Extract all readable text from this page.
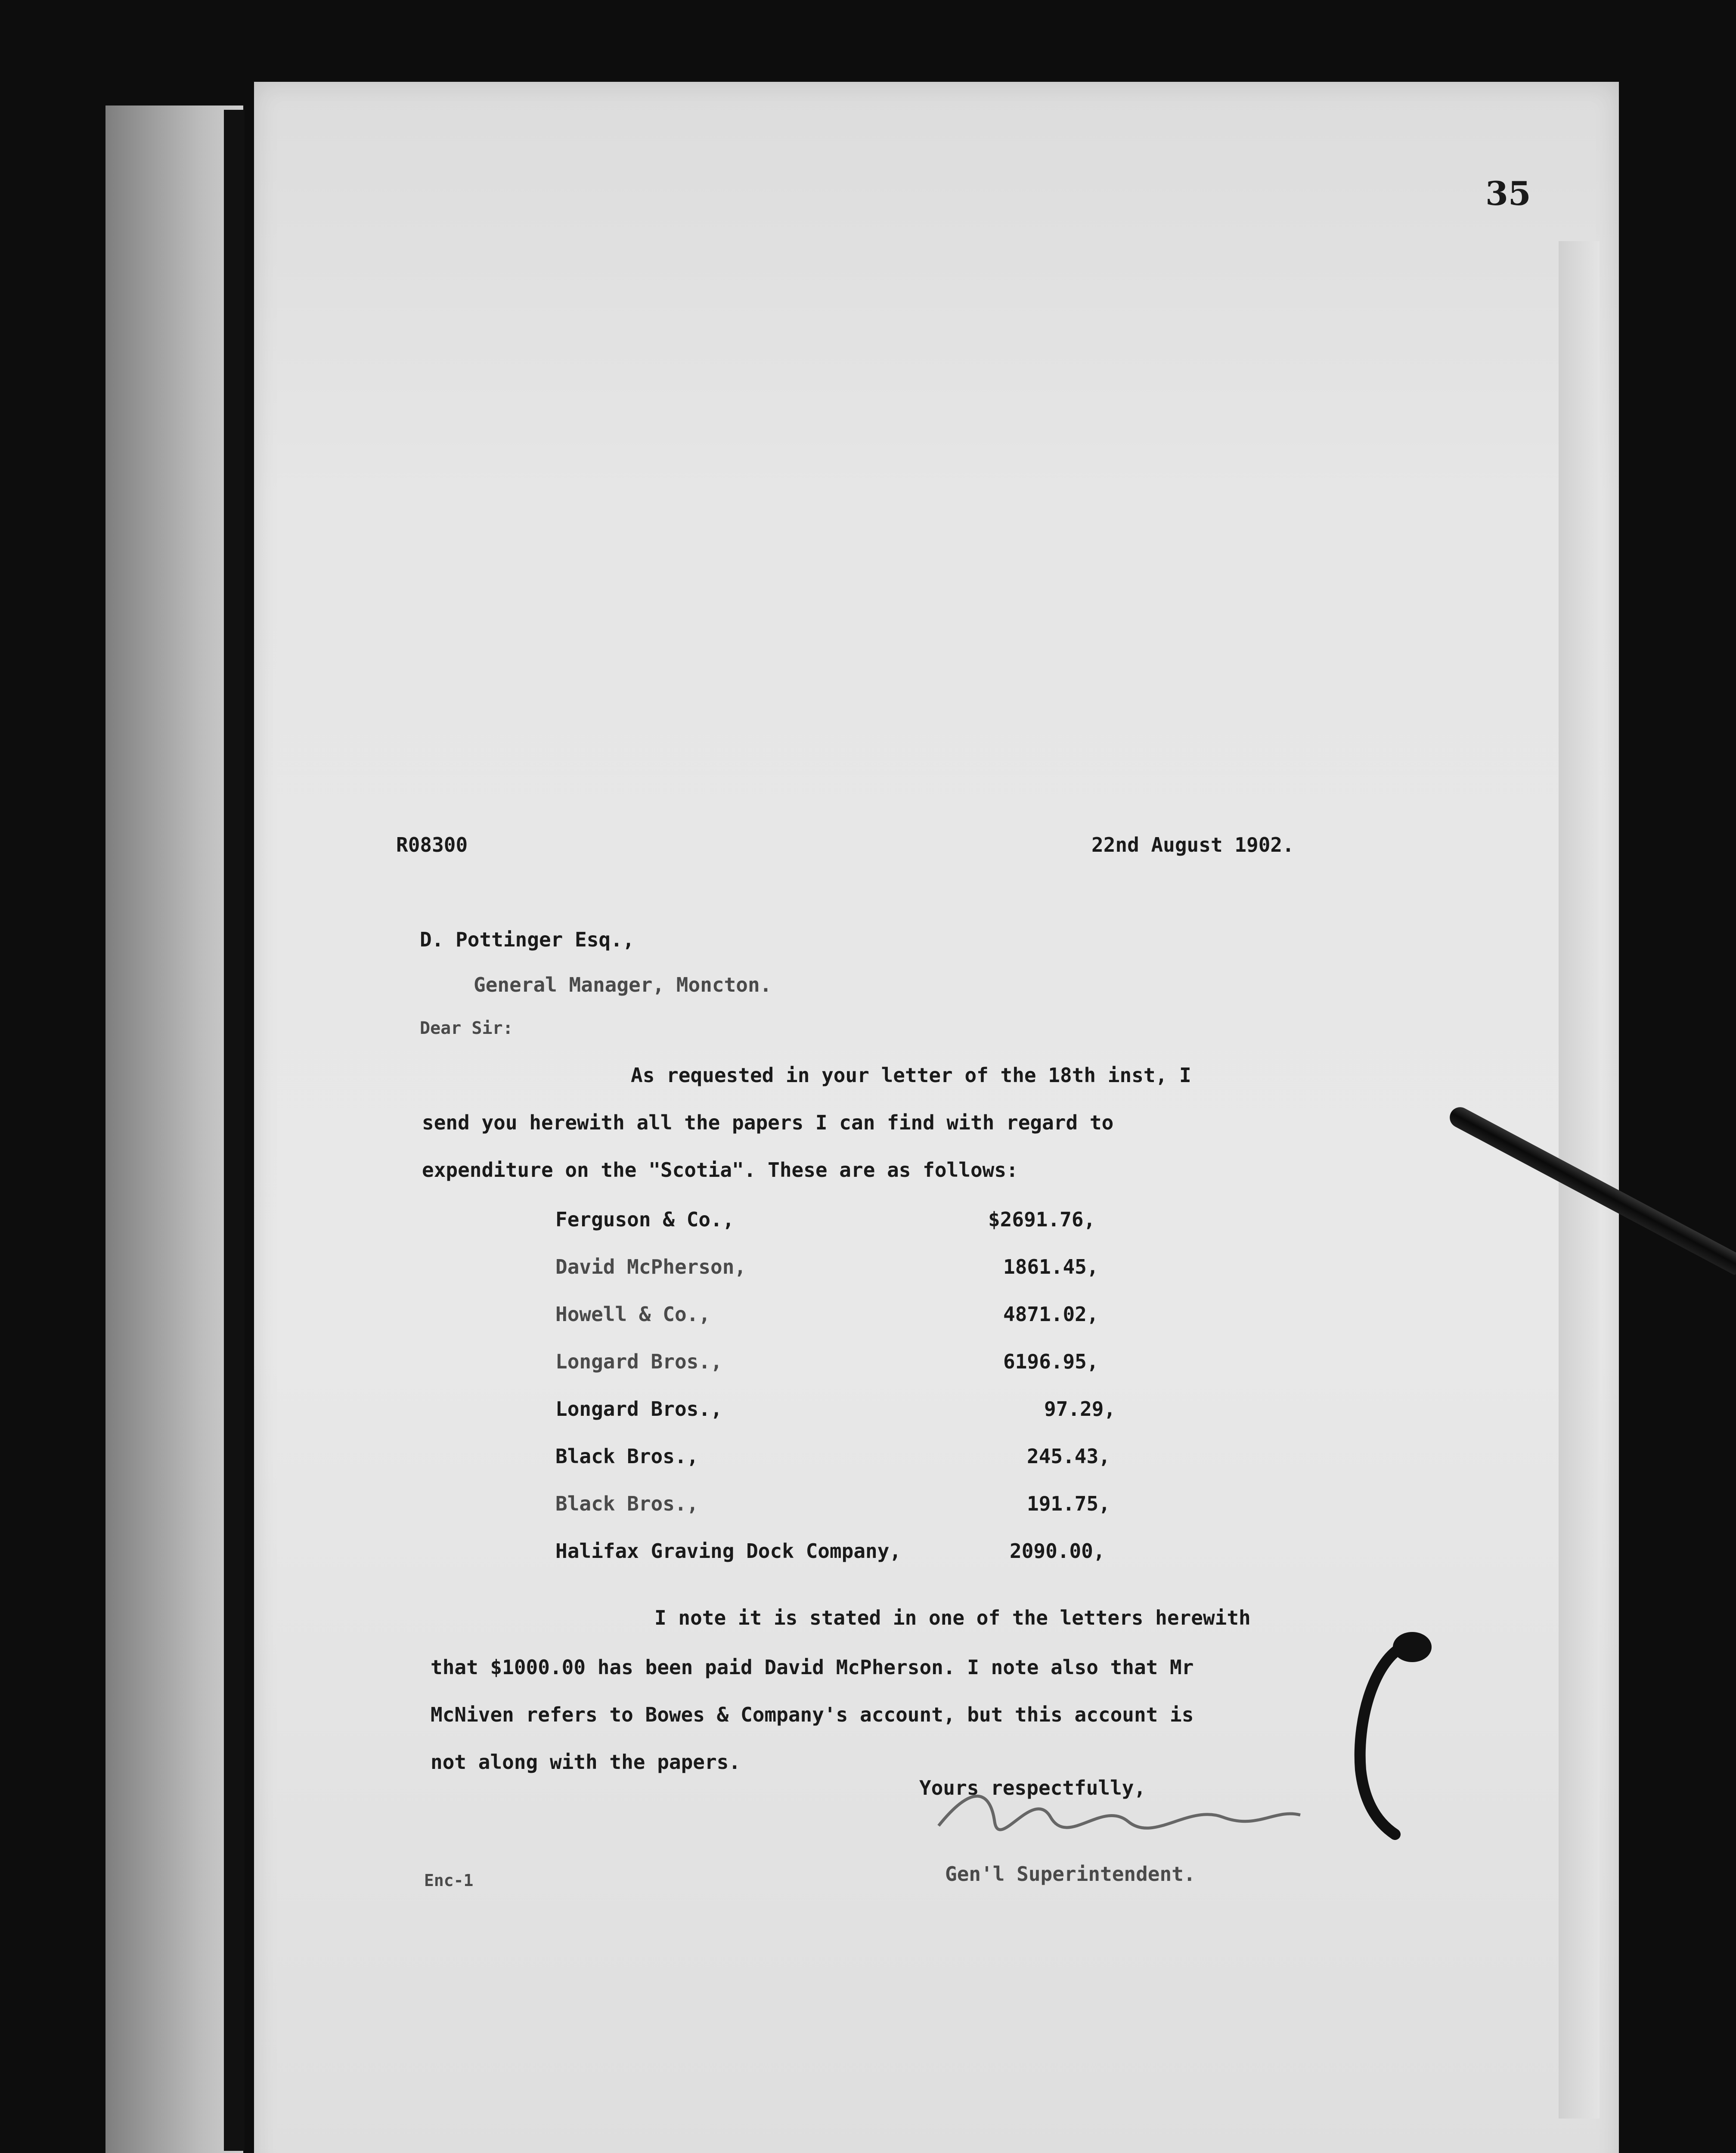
35
R08300	22nd August 1902.
D. Pottinger Esq.,
General Manager, Moncton.
Dear Sir:
As requested in your letter of the 18th inst, I
send you herewith all the papers I can find with regard to
expenditure on the "Scotia". These are as follows:
Ferguson & Co.,	$2691.76,
David McPherson,	1861.45,
Howell & Co.,	4871.02,
Longard Bros.,	6196.95,
Longard Bros.,	97.29,
Black Bros.,	245.43,
Black Bros.,	191.75,
Halifax Graving Dock Company,	2090.00,
I note it is stated in one of the letters herewith
that $1000.00 has been paid David McPherson. I note also that Mr
McNiven refers to Bowes & Company's account, but this account is
not along with the papers.
Yours respectfully,
Gen'l Superintendent.
Enc-1
